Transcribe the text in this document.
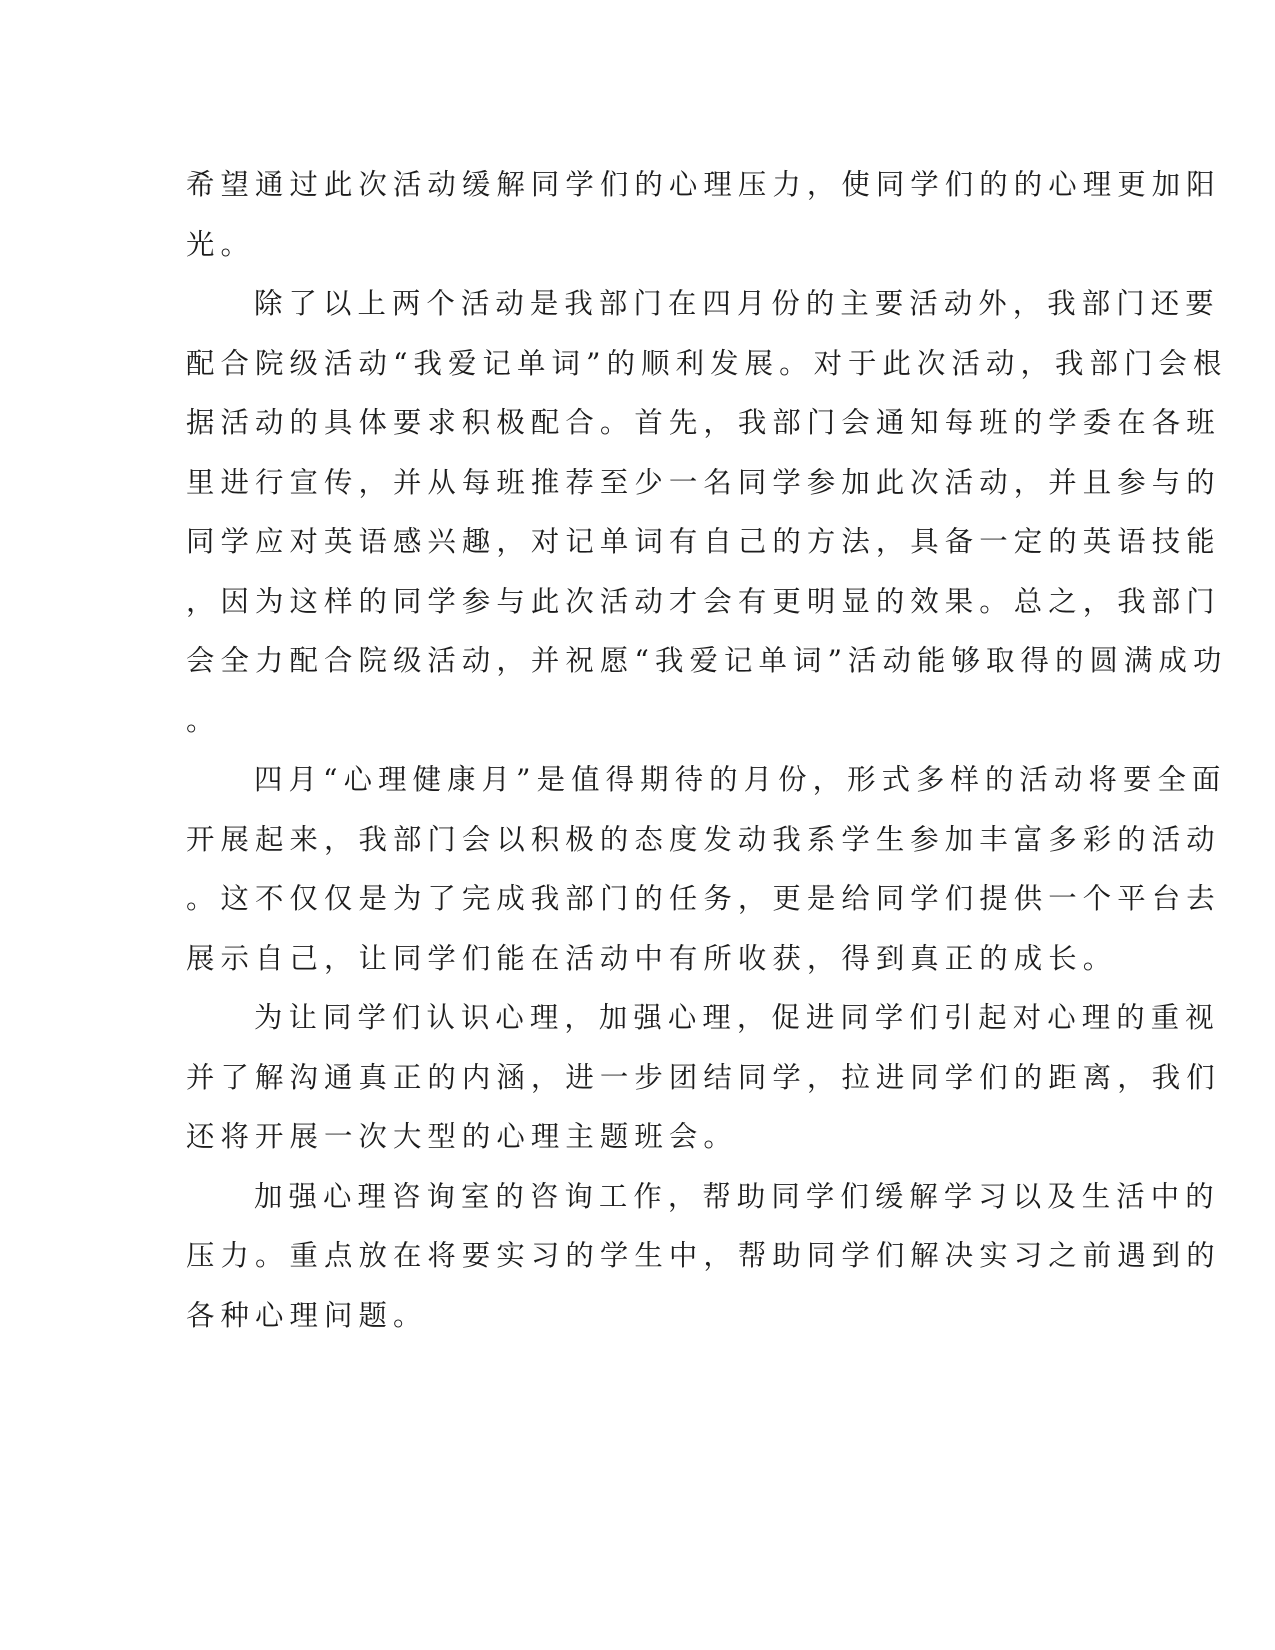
希望通过此次活动缓解同学们的心理压力，使同学们的的心理更加阳
光。

除了以上两个活动是我部门在四月份的主要活动外，我部门还要
配合院级活动“我爱记单词”的顺利发展。对于此次活动，我部门会根
据活动的具体要求积极配合。首先，我部门会通知每班的学委在各班
里进行宣传，并从每班推荐至少一名同学参加此次活动，并且参与的
同学应对英语感兴趣，对记单词有自己的方法，具备一定的英语技能
，因为这样的同学参与此次活动才会有更明显的效果。总之，我部门
会全力配合院级活动，并祝愿“我爱记单词”活动能够取得的圆满成功
。

四月“心理健康月”是值得期待的月份，形式多样的活动将要全面
开展起来，我部门会以积极的态度发动我系学生参加丰富多彩的活动
。这不仅仅是为了完成我部门的任务，更是给同学们提供一个平台去
展示自己，让同学们能在活动中有所收获，得到真正的成长。

为让同学们认识心理，加强心理，促进同学们引起对心理的重视
并了解沟通真正的内涵，进一步团结同学，拉进同学们的距离，我们
还将开展一次大型的心理主题班会。

加强心理咨询室的咨询工作，帮助同学们缓解学习以及生活中的
压力。重点放在将要实习的学生中，帮助同学们解决实习之前遇到的
各种心理问题。
